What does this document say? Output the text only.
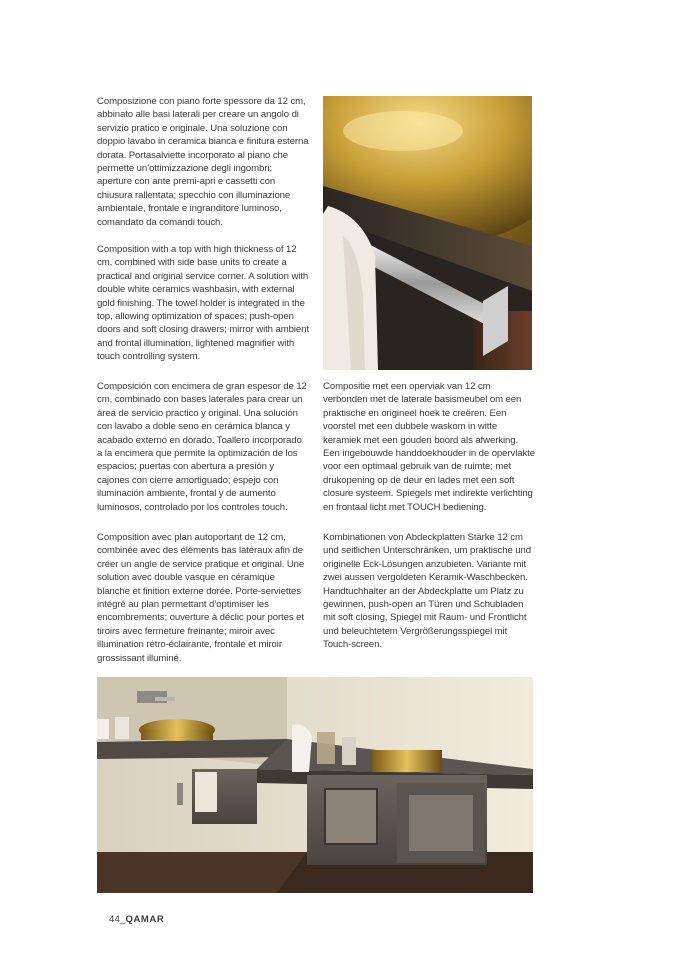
Composizione con piano forte spessore da 12 cm, abbinato alle basi laterali per creare un angolo di servizio pratico e originale. Una soluzione con doppio lavabo in ceramica bianca e finitura esterna dorata. Portasalviette incorporato al piano che permette un’ottimizzazione degli ingombri; aperture con ante premi-apri e cassetti con chiusura rallentata; specchio con illuminazione ambientale, frontale e ingranditore luminoso, comandato da comandi touch.
Composition with a top with high thickness of 12 cm, combined with side base units to create a practical and original service corner. A solution with double white ceramics washbasin, with external gold finishing. The towel holder is integrated in the top, allowing optimization of spaces; push-open doors and soft closing drawers; mirror with ambient and frontal illumination, lightened magnifier with touch controlling system.
Composición con encimera de gran espesor de 12 cm, combinado con bases laterales para crear un área de servicio practico y original. Una solución con lavabo a doble seno en cerámica blanca y acabado externo en dorado. Toallero incorporado a la encimera que permite la optimización de los espacios; puertas con abertura a presión y cajones con cierre amortiguado; espejo con iluminación ambiente, frontal y de aumento luminosos, controlado por los controles touch.
Composition avec plan autoportant de 12 cm, combinée avec des éléments bas latéraux afin de créer un angle de service pratique et original. Une solution avec double vasque en céramique blanche et finition externe dorée. Porte-serviettes intégré au plan permettant d’optimiser les encombrements; ouverture à déclic pour portes et tiroirs avec fermeture freinante; miroir avec illumination rétro-éclairante, frontale et miroir grossissant illuminé.
Compositie met een operviak van 12 cm verbonden met de laterale basismeubel om een praktische en origineel hoek te creëren. Een voorstel met een dubbele waskom in witte keramiek met een gouden boord als afwerking. Een ingebouwde handdoekhouder in de opervlakte voor een optimaal gebruik van de ruimte; met drukopening op de deur en lades met een soft closure systeem. Spiegels met indirekte verlichting en frontaal licht met TOUCH bediening.
Kombinationen von Abdeckplatten Stärke 12 cm und seitlichen Unterschränken, um praktische und originelle Eck-Lösungen anzubieten. Variante mit zwei aussen vergoldeten Keramik-Waschbecken. Handtuchhalter an der Abdeckplatte um Platz zu gewinnen, push-open an Türen und Schubladen mit soft closing, Spiegel mit Raum- und Frontlicht und beleuchtetem Vergrößerungsspiegel mit Touch-screen.
44_QAMAR
